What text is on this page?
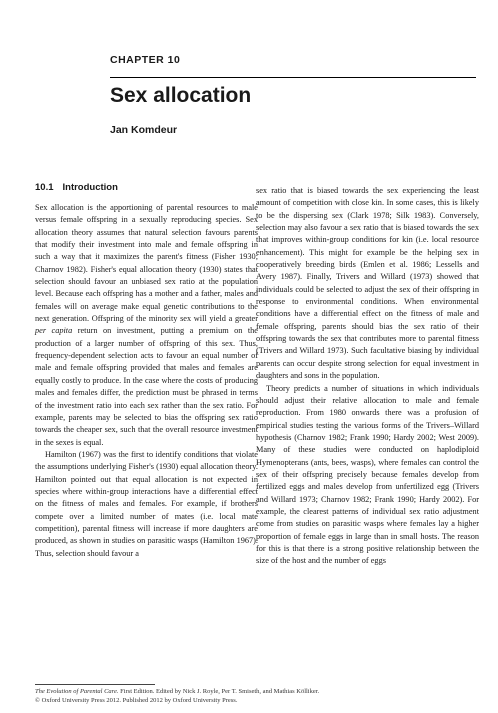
CHAPTER 10
Sex allocation
Jan Komdeur
10.1 Introduction

Sex allocation is the apportioning of parental resources to male versus female offspring in a sexually reproducing species. Sex allocation theory assumes that natural selection favours parents that modify their investment into male and female offspring in such a way that it maximizes the parent's fitness (Fisher 1930; Charnov 1982). Fisher's equal allocation theory (1930) states that selection should favour an unbiased sex ratio at the population level. Because each offspring has a mother and a father, males and females will on average make equal genetic contributions to the next generation. Offspring of the minority sex will yield a greater per capita return on investment, putting a premium on the production of a larger number of offspring of this sex. Thus, frequency-dependent selection acts to favour an equal number of male and female offspring provided that males and females are equally costly to produce. In the case where the costs of producing males and females differ, the prediction must be phrased in terms of the investment ratio into each sex rather than the sex ratio. For example, parents may be selected to bias the offspring sex ratio towards the cheaper sex, such that the overall resource investment in the sexes is equal.

Hamilton (1967) was the first to identify conditions that violate the assumptions underlying Fisher's (1930) equal allocation theory. Hamilton pointed out that equal allocation is not expected in species where within-group interactions have a differential effect on the fitness of males and females. For example, if brothers compete over a limited number of mates (i.e. local mate competition), parental fitness will increase if more daughters are produced, as shown in studies on parasitic wasps (Hamilton 1967). Thus, selection should favour a

sex ratio that is biased towards the sex experiencing the least amount of competition with close kin. In some cases, this is likely to be the dispersing sex (Clark 1978; Silk 1983). Conversely, selection may also favour a sex ratio that is biased towards the sex that improves within-group conditions for kin (i.e. local resource enhancement). This might for example be the helping sex in cooperatively breeding birds (Emlen et al. 1986; Lessells and Avery 1987). Finally, Trivers and Willard (1973) showed that individuals could be selected to adjust the sex of their offspring in response to environmental conditions. When environmental conditions have a differential effect on the fitness of male and female offspring, parents should bias the sex ratio of their offspring towards the sex that contributes more to parental fitness (Trivers and Willard 1973). Such facultative biasing by individual parents can occur despite strong selection for equal investment in daughters and sons in the population.

Theory predicts a number of situations in which individuals should adjust their relative allocation to male and female reproduction. From 1980 onwards there was a profusion of empirical studies testing the various forms of the Trivers–Willard hypothesis (Charnov 1982; Frank 1990; Hardy 2002; West 2009). Many of these studies were conducted on haplodiploid Hymenopterans (ants, bees, wasps), where females can control the sex of their offspring precisely because females develop from fertilized eggs and males develop from unfertilized egg (Trivers and Willard 1973; Charnov 1982; Frank 1990; Hardy 2002). For example, the clearest patterns of individual sex ratio adjustment come from studies on parasitic wasps where females lay a higher proportion of female eggs in large than in small hosts. The reason for this is that there is a strong positive relationship between the size of the host and the number of eggs

The Evolution of Parental Care. First Edition. Edited by Nick J. Royle, Per T. Smiseth, and Mathias Kölliker.
© Oxford University Press 2012. Published 2012 by Oxford University Press.
